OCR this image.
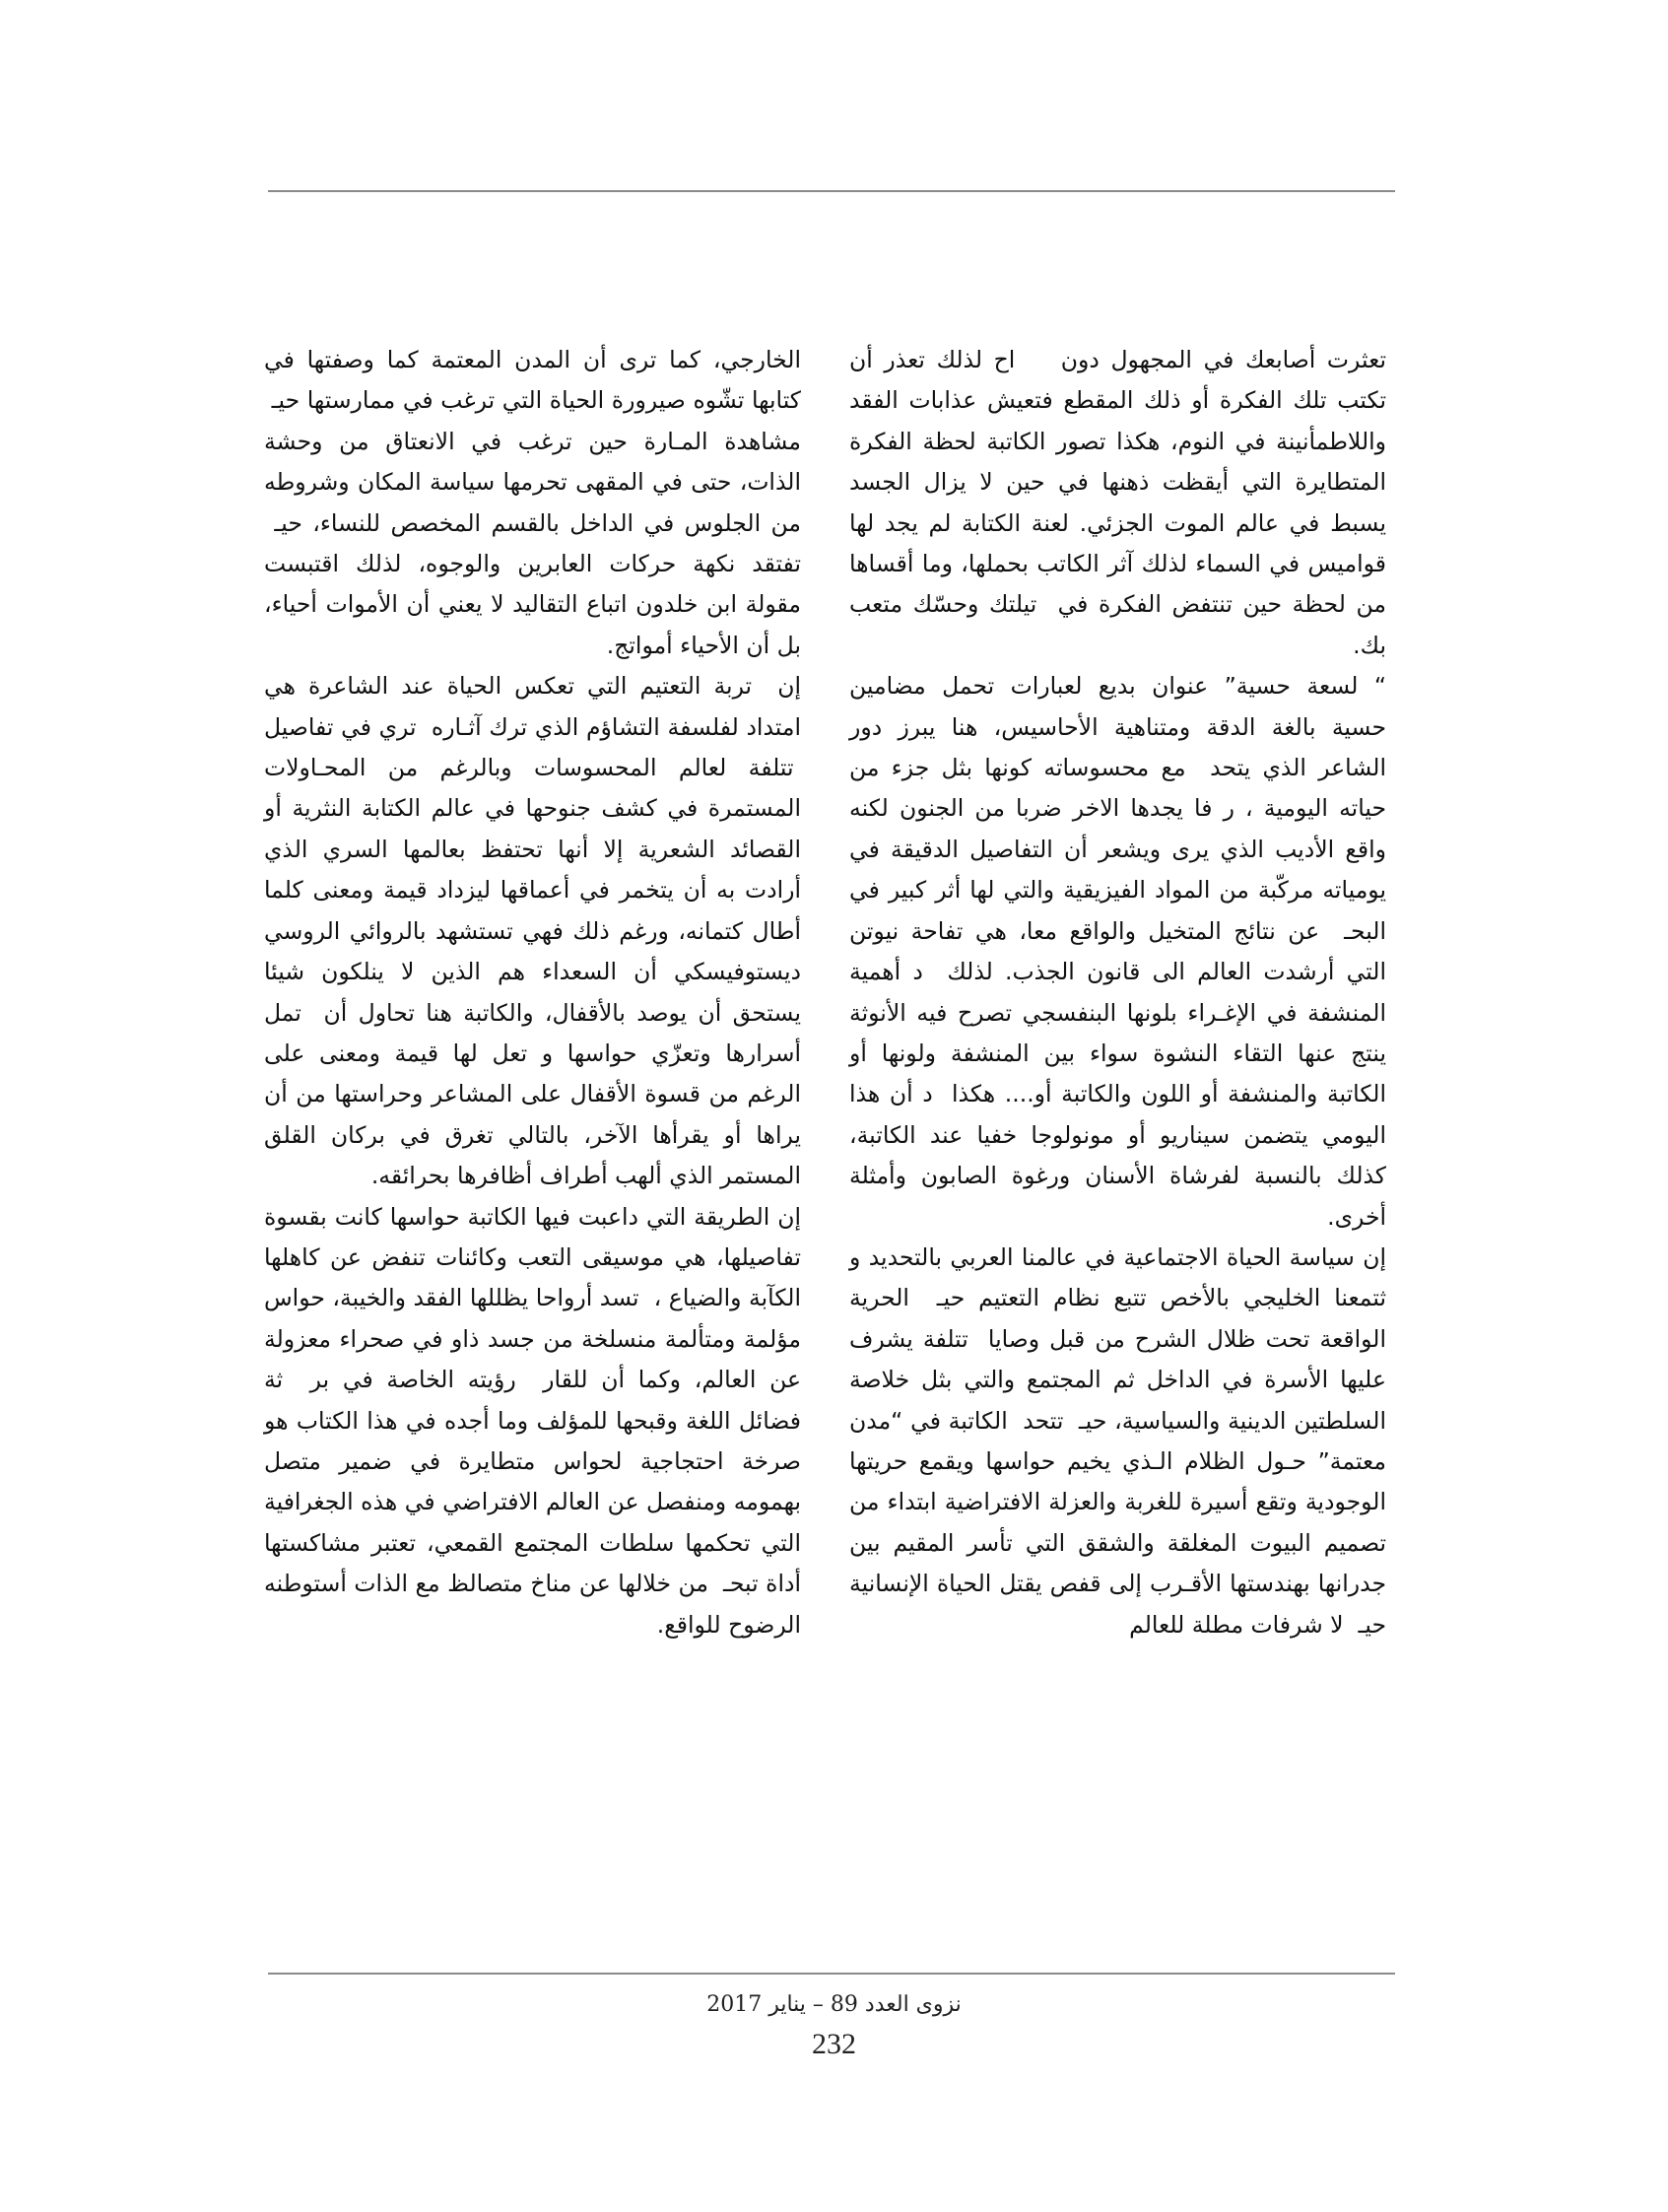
تعثرت أصابعك في المجهول دون ​ ​ ​ اح لذلك تعذر أن تكتب تلك الفكرة أو ذلك المقطع فتعيش عذابات الفقد واللاطمأنينة في النوم، هكذا تصور الكاتبة لحظة الفكرة المتطايرة التي أيقظت ذهنها في حين لا يزال الجسد يسبط في عالم الموت الجزئي. لعنة الكتابة لم يجد لها قواميس في السماء لذلك آثر الكاتب بحملها، وما أقساها من لحظة حين تنتفض الفكرة في ​ تيلتك وحسّك متعب بك.

“ لسعة حسية” عنوان بديع لعبارات تحمل مضامين حسية بالغة الدقة ومتناهية الأحاسيس، هنا يبرز دور الشاعر الذي يتحد ​ مع محسوساته كونها بثل جزء من حياته اليومية ، ر فا يجدها الاخر ضربا من الجنون لكنه واقع الأديب الذي يرى ويشعر أن التفاصيل الدقيقة في يومياته مركّبة من المواد الفيزيقية والتي لها أثر كبير في البحـ ​ عن نتائج المتخيل والواقع معا، هي تفاحة نيوتن التي أرشدت العالم الى قانون الجذب. لذلك ​ د أهمية المنشفة في الإغـراء بلونها البنفسجي تصرح فيه الأنوثة ينتج عنها التقاء النشوة سواء بين المنشفة ولونها أو الكاتبة والمنشفة أو اللون والكاتبة أو.... هكذا ​ د أن هذا اليومي يتضمن سيناريو أو مونولوجا خفيا عند الكاتبة، كذلك بالنسبة لفرشاة الأسنان ورغوة الصابون وأمثلة أخرى.

إن سياسة الحياة الاجتماعية في عالمنا العربي بالتحديد و ثتمعنا الخليجي بالأخص تتبع نظام التعتيم حيـ ​ الحرية الواقعة تحت ظلال الشرح من قبل وصايا ​ تتلفة يشرف عليها الأسرة في الداخل ثم المجتمع والتي بثل خلاصة السلطتين الدينية والسياسية، حيـ ​ تتحد ​ الكاتبة في “مدن معتمة” حـول الظلام الـذي يخيم حواسها ويقمع حريتها الوجودية وتقع أسيرة للغربة والعزلة الافتراضية ابتداء من تصميم البيوت المغلقة والشقق التي تأسر المقيم بين جدرانها بهندستها الأقـرب إلى قفص يقتل الحياة الإنسانية حيـ ​ لا شرفات مطلة للعالم

الخارجي، كما ترى أن المدن المعتمة كما وصفتها في كتابها تشّوه صيرورة الحياة التي ترغب في ممارستها حيـ ​ مشاهدة المـارة حين ترغب في الانعتاق من وحشة الذات، حتى في المقهى تحرمها سياسة المكان وشروطه من الجلوس في الداخل بالقسم المخصص للنساء، حيـ ​ تفتقد نكهة حركات العابرين والوجوه، لذلك اقتبست مقولة ابن خلدون اتباع التقاليد لا يعني أن الأموات أحياء، بل أن الأحياء أمواتج.

إن ​ تربة التعتيم التي تعكس الحياة عند الشاعرة هي امتداد لفلسفة التشاؤم الذي ترك آثـاره ​ تري في تفاصيل ​ تتلفة لعالم المحسوسات وبالرغم من المحـاولات المستمرة في كشف جنوحها في عالم الكتابة النثرية أو القصائد الشعرية إلا أنها تحتفظ بعالمها السري الذي أرادت به أن يتخمر في أعماقها ليزداد قيمة ومعنى كلما أطال كتمانه، ورغم ذلك فهي تستشهد بالروائي الروسي ديستوفيسكي أن السعداء هم الذين لا ينلكون شيئا يستحق أن يوصد بالأقفال، والكاتبة هنا تحاول أن ​ تمل أسرارها وتعزّي حواسها و تعل لها قيمة ومعنى على الرغم من قسوة الأقفال على المشاعر وحراستها من أن يراها أو يقرأها الآخر، بالتالي تغرق في بركان القلق المستمر الذي ألهب أطراف أظافرها بحرائقه.

إن الطريقة التي داعبت فيها الكاتبة حواسها كانت بقسوة تفاصيلها، هي موسيقى التعب وكائنات تنفض عن كاهلها الكآبة والضياع ، ​ تسد أرواحا يظللها الفقد والخيبة، حواس مؤلمة ومتألمة منسلخة من جسد ذاو في صحراء معزولة عن العالم، وكما أن للقار ​ رؤيته الخاصة في بر ​ ثة فضائل اللغة وقبحها للمؤلف وما أجده في هذا الكتاب هو صرخة احتجاجية لحواس متطايرة في ضمير متصل بهمومه ومنفصل عن العالم الافتراضي في هذه الجغرافية التي تحكمها سلطات المجتمع القمعي، تعتبر مشاكستها أداة تبحـ ​ من خلالها عن مناخ متصالظ مع الذات أستوطنه الرضوح للواقع.

نزوى العدد 89 – يناير 2017
232
